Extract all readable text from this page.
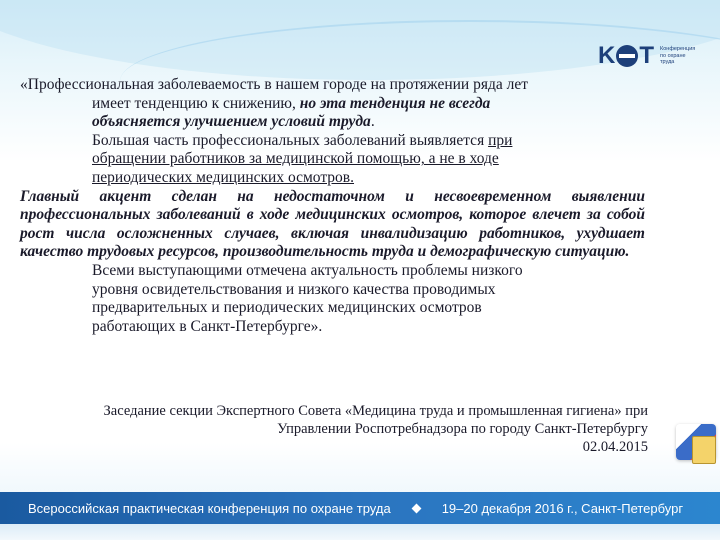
K T Конференция по охране труда
«Профессиональная заболеваемость в нашем городе на протяжении ряда лет
имеет тенденцию к снижению, но эта тенденция не всегда
объясняется улучшением условий труда.
Большая часть профессиональных заболеваний выявляется при
обращении работников за медицинской помощью, а не в ходе
периодических медицинских осмотров.
Главный акцент сделан на недостаточном и несвоевременном выявлении профессиональных заболеваний в ходе медицинских осмотров, которое влечет за собой рост числа осложненных случаев, включая инвалидизацию работников, ухудшает качество трудовых ресурсов, производительность труда и демографическую ситуацию.
Всеми выступающими отмечена актуальность проблемы низкого
уровня освидетельствования и низкого качества проводимых
предварительных и периодических медицинских осмотров
работающих в Санкт-Петербурге».
Заседание секции Экспертного Совета «Медицина труда и промышленная гигиена» при
Управлении Роспотребнадзора по городу Санкт-Петербургу
02.04.2015
Всероссийская практическая конференция по охране труда	19–20 декабря 2016 г., Санкт-Петербург
